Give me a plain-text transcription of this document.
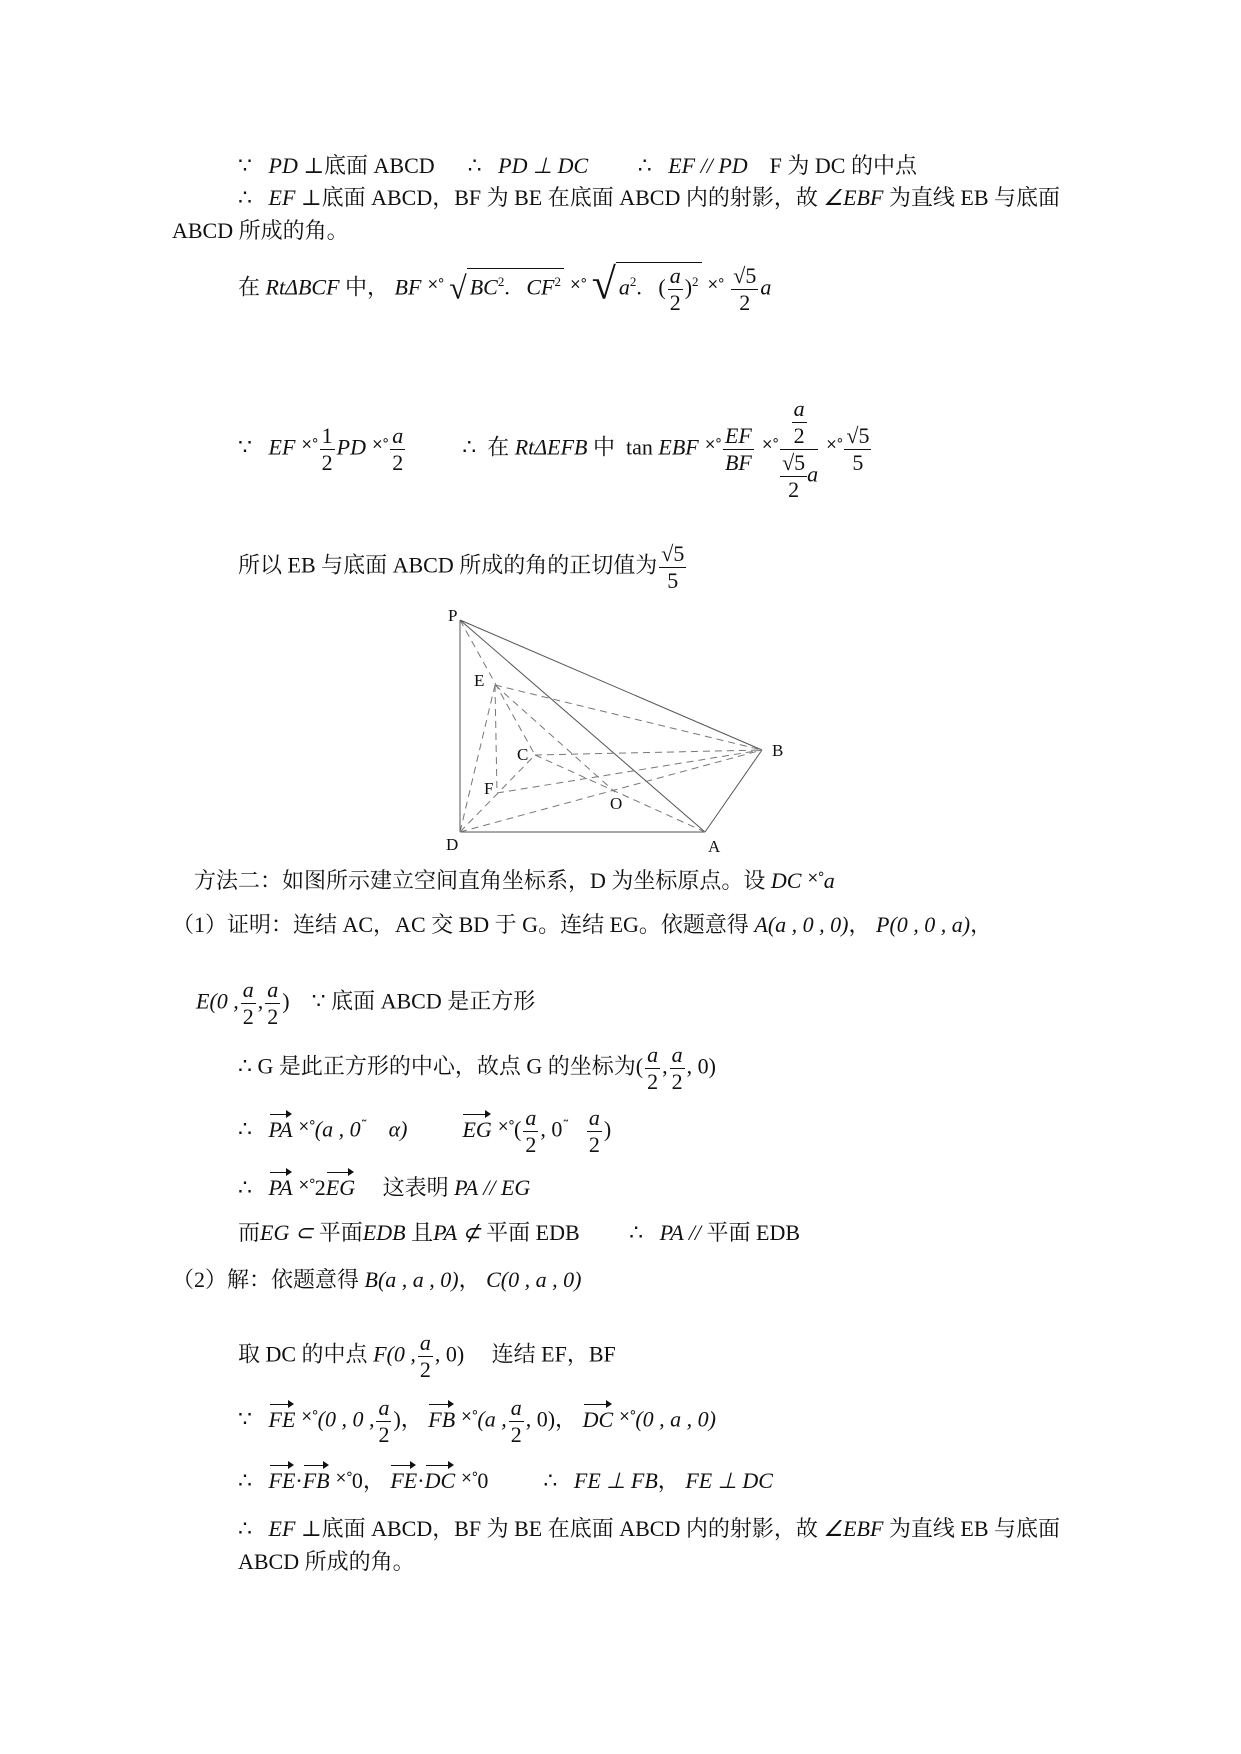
∵ PD ⊥底面 ABCD ∴ PD ⊥ DC ∴ EF // PD F 为 DC 的中点
∴ EF ⊥底面 ABCD，BF 为 BE 在底面 ABCD 内的射影，故 ∠EBF 为直线 EB 与底面
ABCD 所成的角。
在 RtΔBCF 中， BF ×° √ $BC^2$.   $CF^2$ ×° √ $a^2$.   ( $\frac{a}{2} )^2$ $^{\times^\circ} \frac{√5}{2}$ a
∵ EF $^{\times^\circ} \frac{1}{2}$ PD $^{\times^\circ} \frac{a}{2}$	∴ 在 RtΔEFB 中 tan EBF $^{\times^\circ} \frac{EF}{BF} ^{\times^\circ} \frac{\frac{a}{2}}{\frac{√5}{2} a} ^{\times^\circ} \frac{√5}{5}$
所以 EB 与底面 ABCD 所成的角的正切值为 $\frac{√5}{5}$
P
E
B
C
F
O
D	A
方法二：如图所示建立空间直角坐标系，D 为坐标原点。设 DC ×°a
（1）证明：连结 AC，AC 交 BD 于 G。连结 EG。依题意得 A(a , 0 , 0)， P(0 , 0 , a)，
E(0 , $\frac{a}{2}$ , $\frac{a}{2}$ ) ∵ 底面 ABCD 是正方形
∴ G 是此正方形的中心，故点 G 的坐标为( $\frac{a}{2}$ , $\frac{a}{2}$ , 0)
∴ PA ×°(a , 0˜ α)	EG $^{\times^\circ}( \frac{a}{2}$ , $0^˜ \frac{a}{2}$ )
∴ PA ×°2EG 这表明 PA // EG
而EG ⊂ 平面EDB 且PA ⊄ 平面 EDB ∴ PA // 平面 EDB
（2）解：依题意得 B(a , a , 0)， C(0 , a , 0)
取 DC 的中点 F(0 , $\frac{a}{2}$ , 0) 连结 EF，BF
∵ FE ×°(0 , 0 , $\frac{a}{2}$ )， FB ×°(a , $\frac{a}{2}$ , 0)， DC ×°(0 , a , 0)
∴ FE·FB ×°0， FE·DC ×°0	∴ FE ⊥ FB， FE ⊥ DC
∴ EF ⊥底面 ABCD，BF 为 BE 在底面 ABCD 内的射影，故 ∠EBF 为直线 EB 与底面
ABCD 所成的角。
